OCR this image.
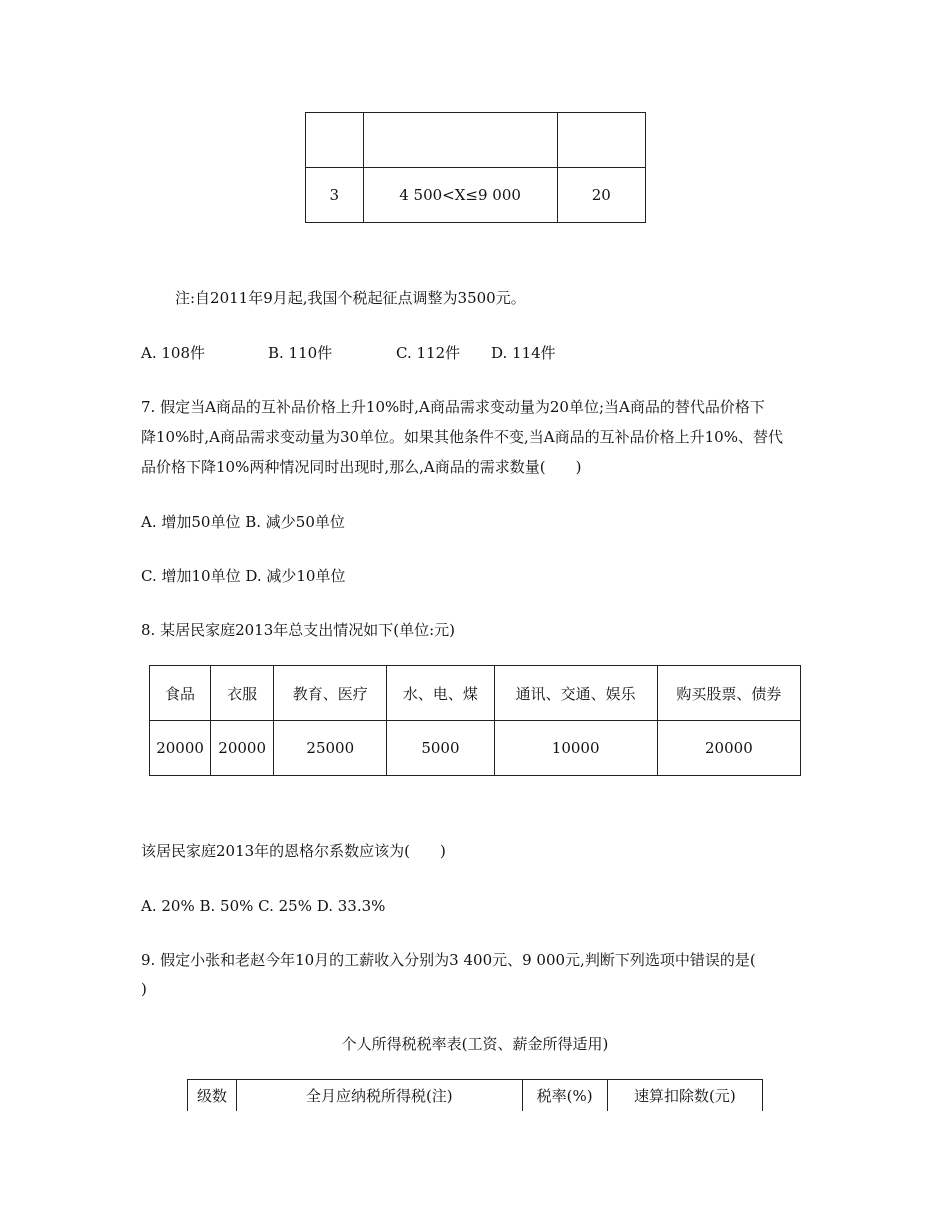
3	4 500<X≤9 000	20
注:自2011年9月起,我国个税起征点调整为3500元。
A. 108件	B. 110件	C. 112件 D. 114件
7. 假定当A商品的互补品价格上升10%时,A商品需求变动量为20单位;当A商品的替代品价格下
降10%时,A商品需求变动量为30单位。如果其他条件不变,当A商品的互补品价格上升10%、替代
品价格下降10%两种情况同时出现时,那么,A商品的需求数量(　　)
A. 增加50单位 B. 减少50单位
C. 增加10单位 D. 减少10单位
8. 某居民家庭2013年总支出情况如下(单位:元)
食品	衣服	教育、医疗	水、电、煤	通讯、交通、娱乐	购买股票、债券
20000	20000	25000	5000	10000	20000
该居民家庭2013年的恩格尔系数应该为(　　)
A. 20% B. 50% C. 25% D. 33.3%
9. 假定小张和老赵今年10月的工薪收入分别为3 400元、9 000元,判断下列选项中错误的是(
)
个人所得税税率表(工资、薪金所得适用)
级数	全月应纳税所得税(注)	税率(%)	速算扣除数(元)
